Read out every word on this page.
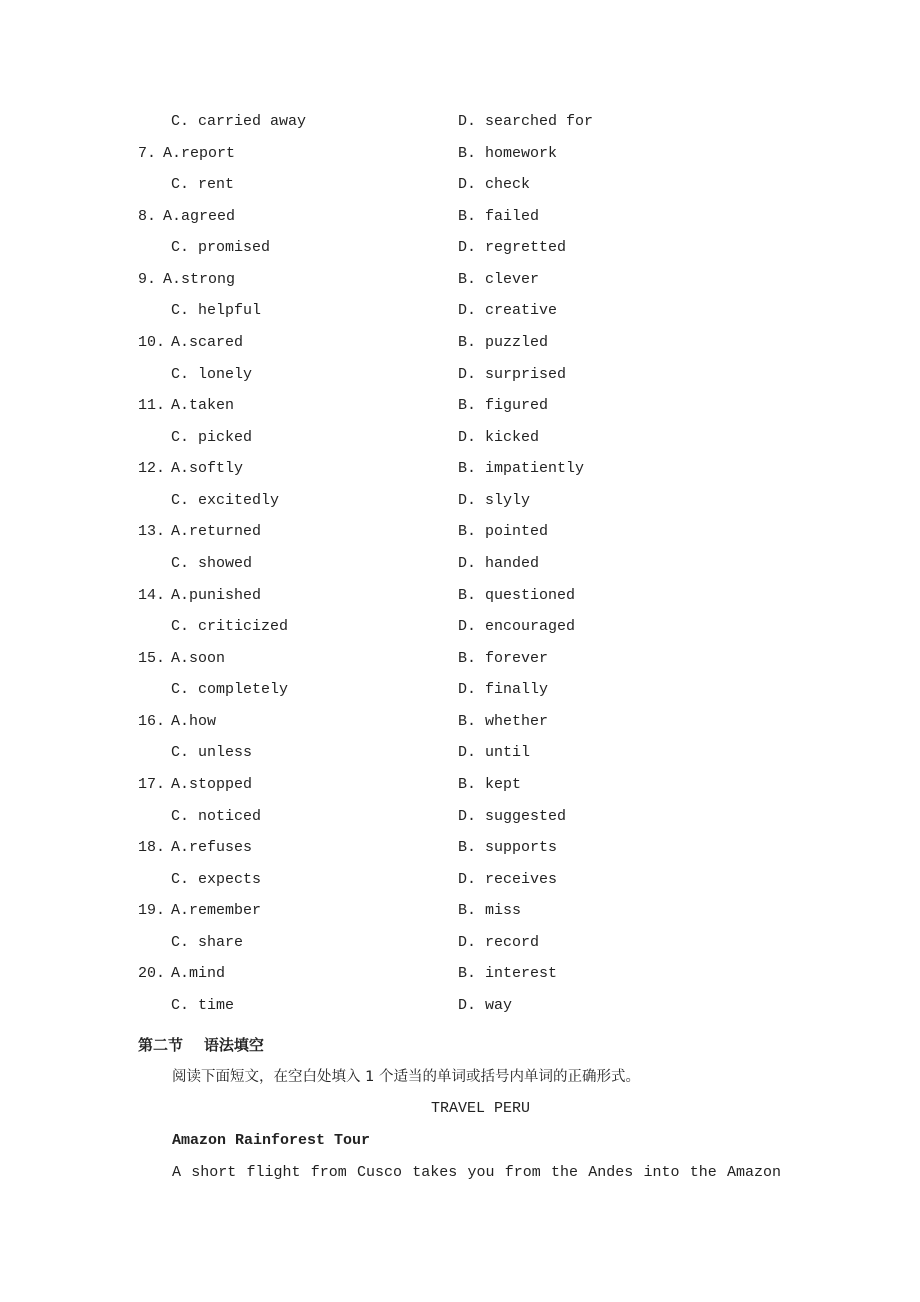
C. carried away	D. searched for
7. A.report	B. homework
C. rent	D. check
8. A.agreed	B. failed
C. promised	D. regretted
9. A.strong	B. clever
C. helpful	D. creative
10. A.scared	B. puzzled
C. lonely	D. surprised
11. A.taken	B. figured
C. picked	D. kicked
12. A.softly	B. impatiently
C. excitedly	D. slyly
13. A.returned	B. pointed
C. showed	D. handed
14. A.punished	B. questioned
C. criticized	D. encouraged
15. A.soon	B. forever
C. completely	D. finally
16. A.how	B. whether
C. unless	D. until
17. A.stopped	B. kept
C. noticed	D. suggested
18. A.refuses	B. supports
C. expects	D. receives
19. A.remember	B. miss
C. share	D. record
20. A.mind	B. interest
C. time	D. way
第二节 语法填空
阅读下面短文，在空白处填入 1 个适当的单词或括号内单词的正确形式。
TRAVEL PERU
Amazon Rainforest Tour
A short flight from Cusco takes you from the Andes into the Amazon
